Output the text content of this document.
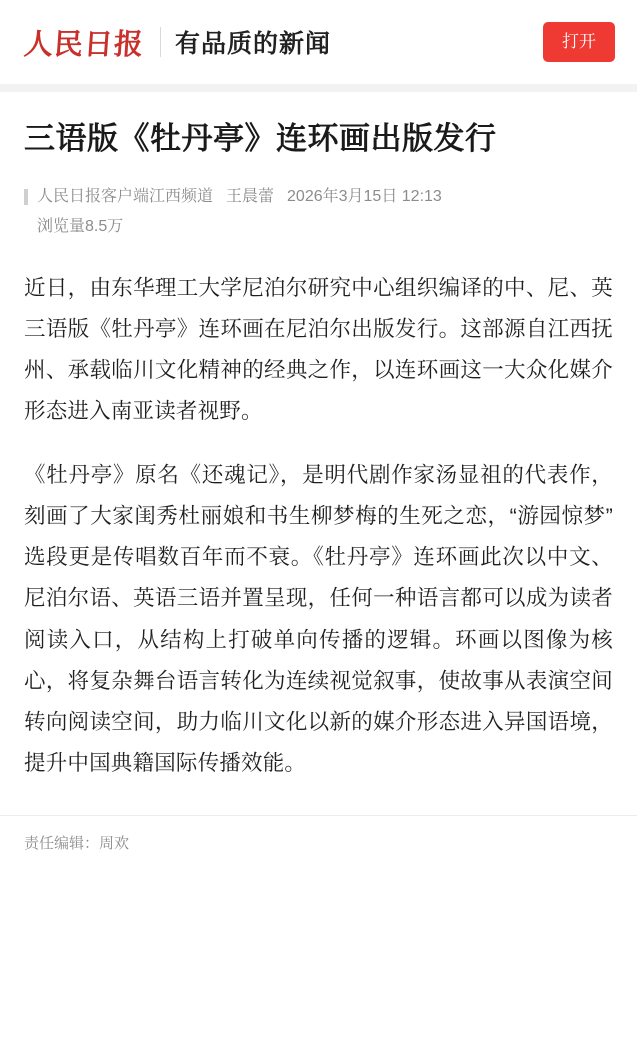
人民日报 有品质的新闻	打开
三语版《牡丹亭》连环画出版发行
人民日报客户端江西频道 王晨蕾 2026年3月15日 12:13
浏览量8.5万

近日，由东华理工大学尼泊尔研究中心组织编译的中、尼、英三语版《牡丹亭》连环画在尼泊尔出版发行。这部源自江西抚州、承载临川文化精神的经典之作，以连环画这一大众化媒介形态进入南亚读者视野。

《牡丹亭》原名《还魂记》，是明代剧作家汤显祖的代表作，刻画了大家闺秀杜丽娘和书生柳梦梅的生死之恋，“游园惊梦”选段更是传唱数百年而不衰。《牡丹亭》连环画此次以中文、尼泊尔语、英语三语并置呈现，任何一种语言都可以成为读者阅读入口，从结构上打破单向传播的逻辑。环画以图像为核心，将复杂舞台语言转化为连续视觉叙事，使故事从表演空间转向阅读空间，助力临川文化以新的媒介形态进入异国语境，提升中国典籍国际传播效能。

责任编辑：周欢
